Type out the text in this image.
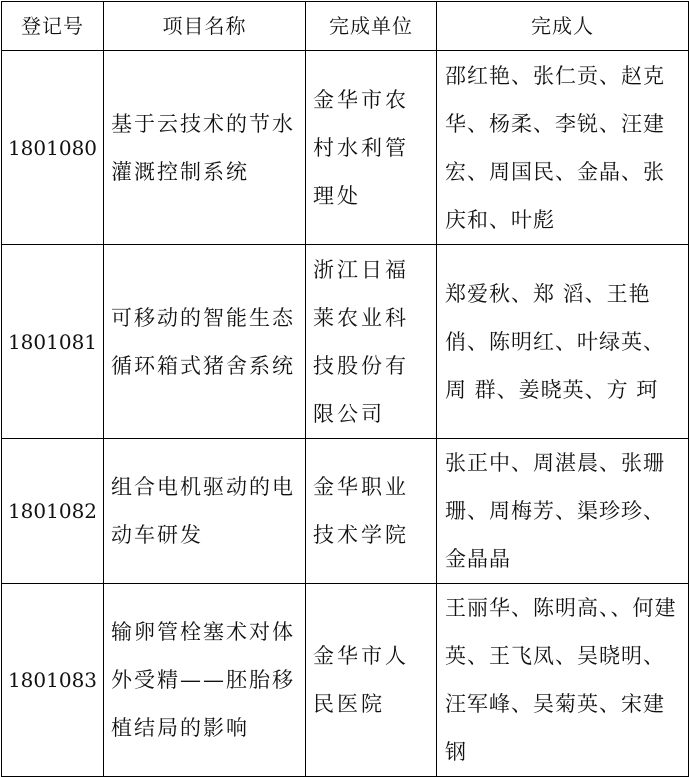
登记号	项目名称	完成单位	完成人
1801080	基于云技术的节水灌溉控制系统	金华市农村水利管理处	邵红艳、张仁贡、赵克华、杨柔、李锐、汪建宏、周国民、金晶、张庆和、叶彪
1801081	可移动的智能生态循环箱式猪舍系统	浙江日福莱农业科技股份有限公司	郑爱秋、郑 滔、王艳俏、陈明红、叶绿英、周 群、姜晓英、方 珂
1801082	组合电机驱动的电动车研发	金华职业技术学院	张正中、周湛晨、张珊珊、周梅芳、渠珍珍、金晶晶
1801083	输卵管栓塞术对体外受精——胚胎移植结局的影响	金华市人民医院	王丽华、陈明高、、何建英、王飞凤、吴晓明、汪军峰、吴菊英、宋建钢
